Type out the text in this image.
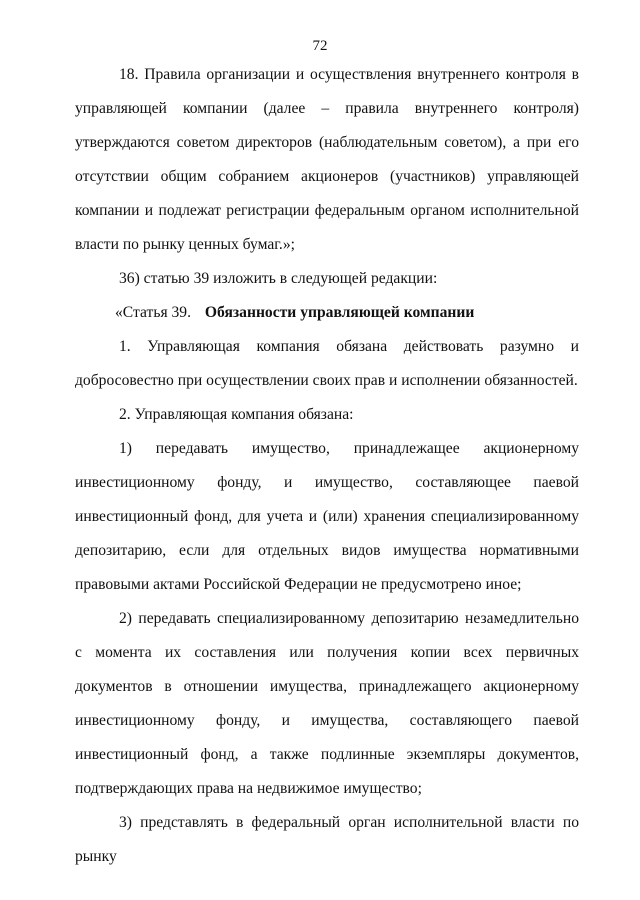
72

18. Правила организации и осуществления внутреннего контроля в управляющей компании (далее – правила внутреннего контроля) утверждаются советом директоров (наблюдательным советом), а при его отсутствии общим собранием акционеров (участников) управляющей компании и подлежат регистрации федеральным органом исполнительной власти по рынку ценных бумаг.»;

36) статью 39 изложить в следующей редакции:

«Статья 39. Обязанности управляющей компании

1. Управляющая компания обязана действовать разумно и добросовестно при осуществлении своих прав и исполнении обязанностей.

2. Управляющая компания обязана:

1) передавать имущество, принадлежащее акционерному инвестиционному фонду, и имущество, составляющее паевой инвестиционный фонд, для учета и (или) хранения специализированному депозитарию, если для отдельных видов имущества нормативными правовыми актами Российской Федерации не предусмотрено иное;

2) передавать специализированному депозитарию незамедлительно с момента их составления или получения копии всех первичных документов в отношении имущества, принадлежащего акционерному инвестиционному фонду, и имущества, составляющего паевой инвестиционный фонд, а также подлинные экземпляры документов, подтверждающих права на недвижимое имущество;

3) представлять в федеральный орган исполнительной власти по рынку
